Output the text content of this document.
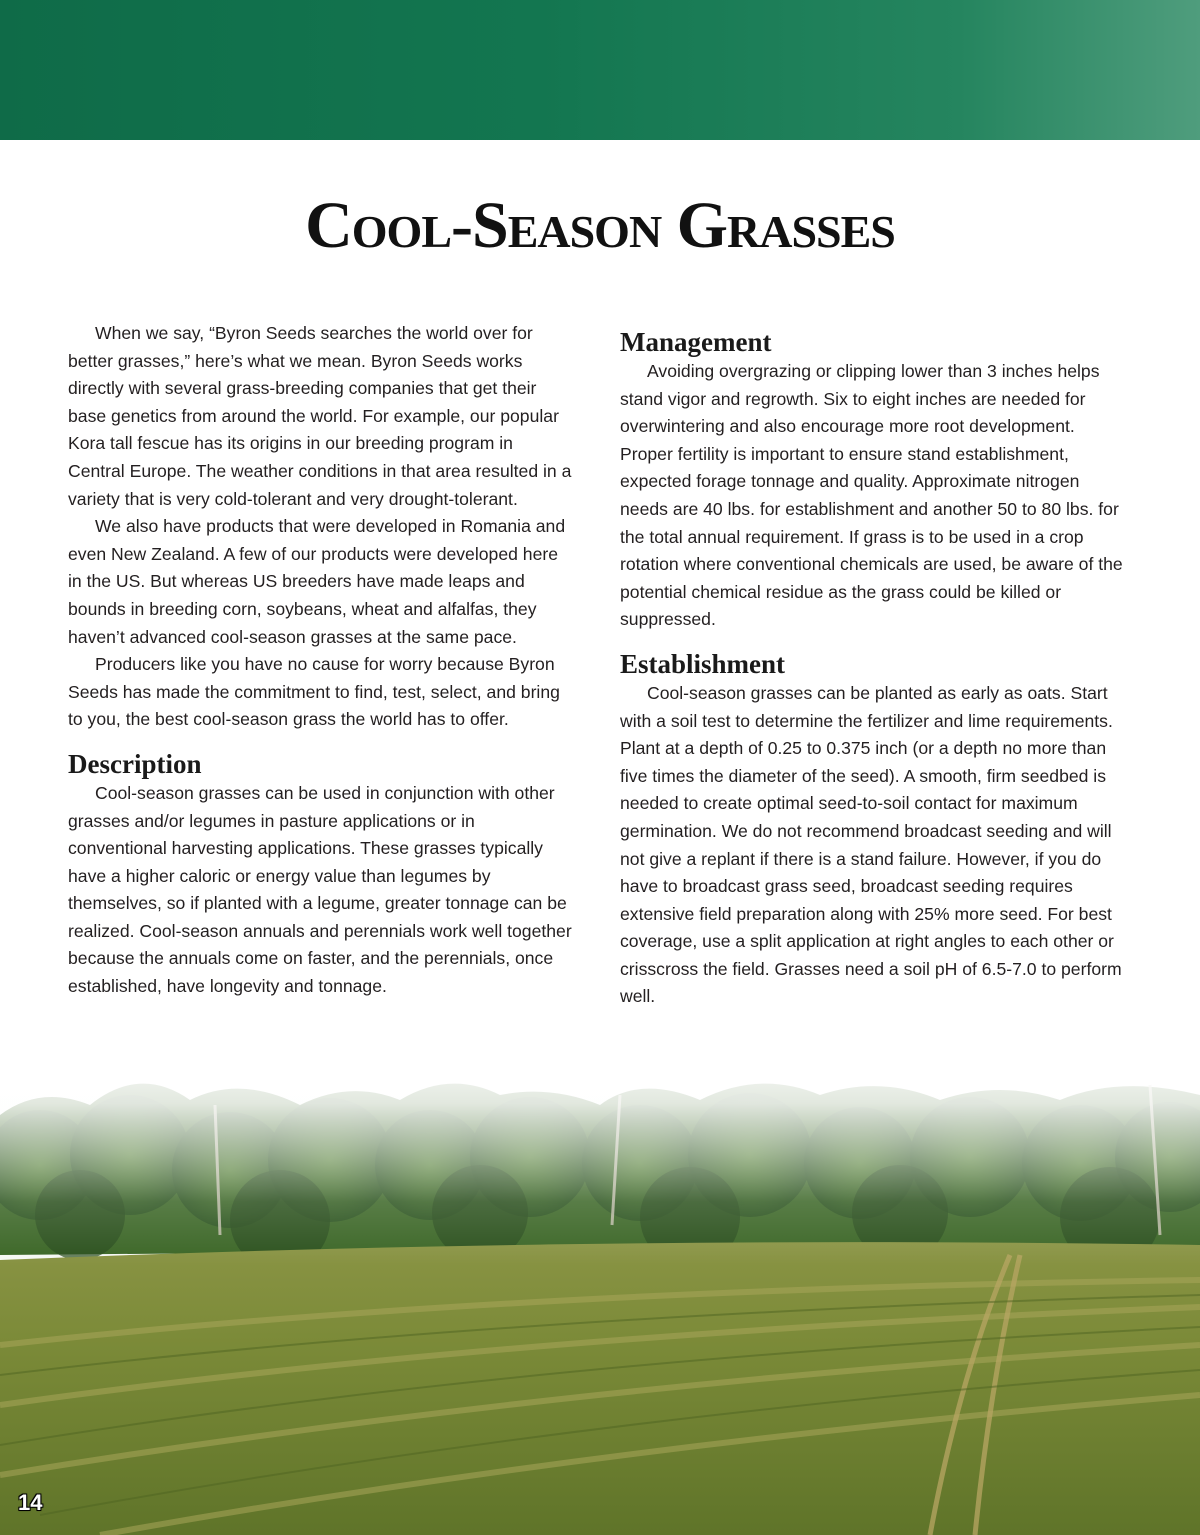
Cool-Season Grasses

When we say, “Byron Seeds searches the world over for better grasses,” here’s what we mean. Byron Seeds works directly with several grass-breeding companies that get their base genetics from around the world. For example, our popular Kora tall fescue has its origins in our breeding program in Central Europe. The weather conditions in that area resulted in a variety that is very cold-tolerant and very drought-tolerant.

We also have products that were developed in Romania and even New Zealand. A few of our products were developed here in the US. But whereas US breeders have made leaps and bounds in breeding corn, soybeans, wheat and alfalfas, they haven’t advanced cool-season grasses at the same pace.

Producers like you have no cause for worry because Byron Seeds has made the commitment to find, test, select, and bring to you, the best cool-season grass the world has to offer.

Description

Cool-season grasses can be used in conjunction with other grasses and/or legumes in pasture applications or in conventional harvesting applications. These grasses typically have a higher caloric or energy value than legumes by themselves, so if planted with a legume, greater tonnage can be realized. Cool-season annuals and perennials work well together because the annuals come on faster, and the perennials, once established, have longevity and tonnage.

Management

Avoiding overgrazing or clipping lower than 3 inches helps stand vigor and regrowth. Six to eight inches are needed for overwintering and also encourage more root development. Proper fertility is important to ensure stand establishment, expected forage tonnage and quality. Approximate nitrogen needs are 40 lbs. for establishment and another 50 to 80 lbs. for the total annual requirement. If grass is to be used in a crop rotation where conventional chemicals are used, be aware of the potential chemical residue as the grass could be killed or suppressed.

Establishment

Cool-season grasses can be planted as early as oats. Start with a soil test to determine the fertilizer and lime requirements. Plant at a depth of 0.25 to 0.375 inch (or a depth no more than five times the diameter of the seed). A smooth, firm seedbed is needed to create optimal seed-to-soil contact for maximum germination. We do not recommend broadcast seeding and will not give a replant if there is a stand failure. However, if you do have to broadcast grass seed, broadcast seeding requires extensive field preparation along with 25% more seed. For best coverage, use a split application at right angles to each other or crisscross the field. Grasses need a soil pH of 6.5-7.0 to perform well.

14
